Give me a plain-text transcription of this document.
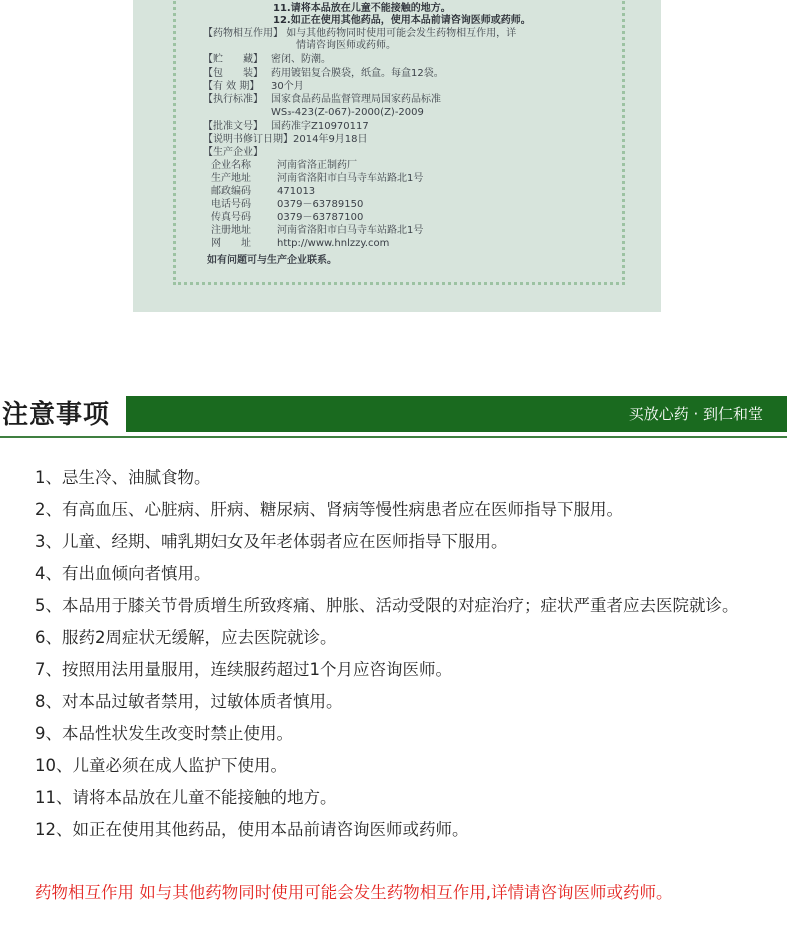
11.请将本品放在儿童不能接触的地方。
12.如正在使用其他药品，使用本品前请咨询医师或药师。
【药物相互作用】 如与其他药物同时使用可能会发生药物相互作用，详
情请咨询医师或药师。
【贮　　藏】 密闭、防潮。
【包　　装】 药用镀铝复合膜袋，纸盒。每盒12袋。
【有 效 期】 30个月
【执行标准】 国家食品药品监督管理局国家药品标准
WS₃-423(Z-067)-2000(Z)-2009
【批准文号】 国药准字Z10970117
【说明书修订日期】2014年9月18日
【生产企业】
企业名称	河南省洛正制药厂
生产地址	河南省洛阳市白马寺车站路北1号
邮政编码	471013
电话号码	0379－63789150
传真号码	0379－63787100
注册地址	河南省洛阳市白马寺车站路北1号
网　　址	http://www.hnlzzy.com
如有问题可与生产企业联系。
注意事项	买放心药 · 到仁和堂
1、忌生冷、油腻食物。
2、有高血压、心脏病、肝病、糖尿病、肾病等慢性病患者应在医师指导下服用。
3、儿童、经期、哺乳期妇女及年老体弱者应在医师指导下服用。
4、有出血倾向者慎用。
5、本品用于膝关节骨质增生所致疼痛、肿胀、活动受限的对症治疗；症状严重者应去医院就诊。
6、服药2周症状无缓解，应去医院就诊。
7、按照用法用量服用，连续服药超过1个月应咨询医师。
8、对本品过敏者禁用，过敏体质者慎用。
9、本品性状发生改变时禁止使用。
10、儿童必须在成人监护下使用。
11、请将本品放在儿童不能接触的地方。
12、如正在使用其他药品，使用本品前请咨询医师或药师。
药物相互作用 如与其他药物同时使用可能会发生药物相互作用,详情请咨询医师或药师。
